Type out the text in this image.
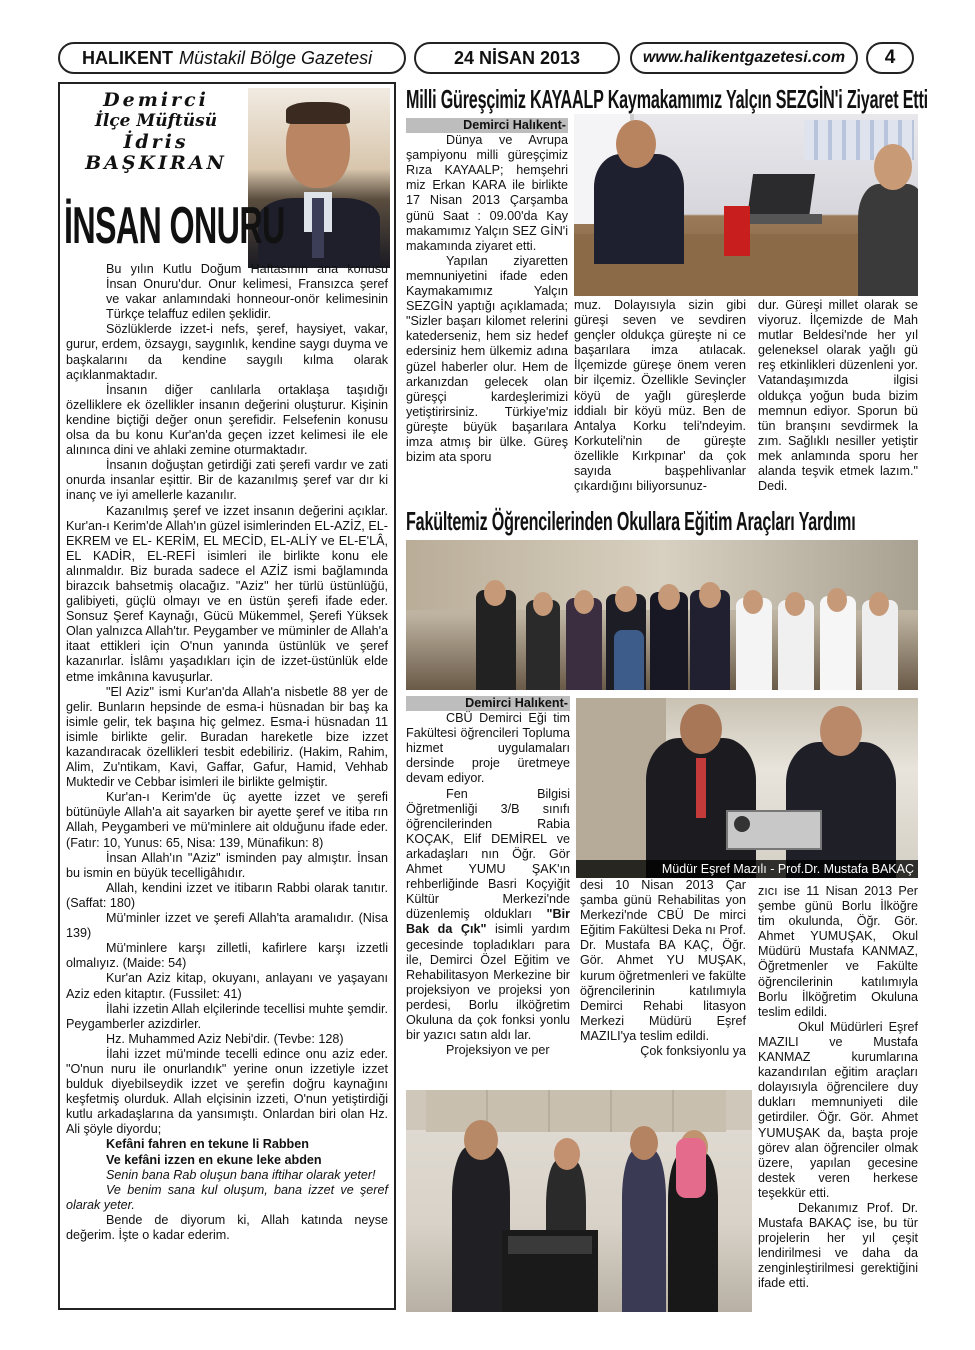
HALIKENT Müstakil Bölge Gazetesi	24 NİSAN 2013	www.halikentgazetesi.com 4
Demirci
İlçe Müftüsü
İdris
BAŞKIRAN
İNSAN ONURU

Bu yılın Kutlu Doğum Haftasının ana konusu İnsan Onuru'dur. Onur kelimesi, Fransızca şeref ve vakar anlamındaki honneour-onör kelimesinin Türkçe telaffuz edilen şeklidir.

Sözlüklerde izzet-i nefs, şeref, haysiyet, vakar, gurur, erdem, özsaygı, saygınlık, kendine saygı duyma ve başkalarını da kendine saygılı kılma olarak açıklanmaktadır.

İnsanın diğer canlılarla ortaklaşa taşıdığı özelliklere ek özellikler insanın değerini oluşturur. Kişinin kendine biçtiği değer onun şerefidir. Felsefenin konusu olsa da bu konu Kur'an'da geçen izzet kelimesi ile ele alınınca dini ve ahlaki zemine oturmaktadır.

İnsanın doğuştan getirdiği zati şerefi vardır ve zati onurda insanlar eşittir. Bir de kazanılmış şeref var dır ki inanç ve iyi amellerle kazanılır.

Kazanılmış şeref ve izzet insanın değerini açıklar. Kur'an-ı Kerim'de Allah'ın güzel isimlerinden EL-AZİZ, EL-EKREM ve EL- KERİM, EL MECİD, EL-ALİY ve EL-E'LÂ, EL KADİR, EL-REFİ isimleri ile birlikte konu ele alınmaldır. Biz burada sadece el AZİZ ismi bağlamında birazcık bahsetmiş olacağız. "Aziz" her türlü üstünlüğü, galibiyeti, güçlü olmayı ve en üstün şerefi ifade eder. Sonsuz Şeref Kaynağı, Gücü Mükemmel, Şerefi Yüksek Olan yalnızca Allah'tır. Peygamber ve müminler de Allah'a itaat ettikleri için O'nun yanında üstünlük ve şeref kazanırlar. İslâmı yaşadıkları için de izzet-üstünlük elde etme imkânına kavuşurlar.

"El Aziz" ismi Kur'an'da Allah'a nisbetle 88 yer de gelir. Bunların hepsinde de esma-i hüsnadan bir baş ka isimle gelir, tek başına hiç gelmez. Esma-i hüsnadan 11 isimle birlikte gelir. Buradan hareketle bize izzet kazandıracak özellikleri tesbit edebiliriz. (Hakim, Rahim, Alim, Zu'ntikam, Kavi, Gaffar, Gafur, Hamid, Vehhab Muktedir ve Cebbar isimleri ile birlikte gelmiştir.

Kur'an-ı Kerim'de üç ayette izzet ve şerefi bütünüyle Allah'a ait sayarken bir ayette şeref ve itiba rın Allah, Peygamberi ve mü'minlere ait olduğunu ifade eder. (Fatır: 10, Yunus: 65, Nisa: 139, Münafikun: 8)

İnsan Allah'ın "Aziz" isminden pay almıştır. İnsan bu ismin en büyük tecelligâhıdır.

Allah, kendini izzet ve itibarın Rabbi olarak tanıtır. (Saffat: 180)

Mü'minler izzet ve şerefi Allah'ta aramalıdır. (Nisa 139)

Mü'minlere karşı zilletli, kafirlere karşı izzetli olmalıyız. (Maide: 54)

Kur'an Aziz kitap, okuyanı, anlayanı ve yaşayanı Aziz eden kitaptır. (Fussilet: 41)

İlahi izzetin Allah elçilerinde tecellisi muhte şemdir. Peygamberler azizdirler.

Hz. Muhammed Aziz Nebi'dir. (Tevbe: 128)

İlahi izzet mü'minde tecelli edince onu aziz eder. "O'nun nuru ile onurlandık" yerine onun izzetiyle izzet bulduk diyebilseydik izzet ve şerefin doğru kaynağını keşfetmiş olurduk. Allah elçisinin izzeti, O'nun yetiştirdiği kutlu arkadaşlarına da yansımıştı. Onlardan biri olan Hz. Ali şöyle diyordu;

Kefâni fahren en tekune li Rabben

Ve kefâni izzen en ekune leke abden

Senin bana Rab oluşun bana iftihar olarak yeter!

Ve benim sana kul oluşum, bana izzet ve şeref olarak yeter.

Bende de diyorum ki, Allah katında neyse değerim. İşte o kadar ederim.

Milli Güreşçimiz KAYAALP Kaymakamımız Yalçın SEZGİN'i Ziyaret Etti
Demirci Halıkent-

Dünya ve Avrupa şampiyonu milli güreşçimiz Rıza KAYAALP; hemşehri miz Erkan KARA ile birlikte 17 Nisan 2013 Çarşamba günü Saat : 09.00'da Kay makamımız Yalçın SEZ GİN'i makamında ziyaret etti.

Yapılan ziyaretten memnuniyetini ifade eden Kaymakamımız Yalçın SEZGİN yaptığı açıklamada; "Sizler başarı kilomet relerini katederseniz, hem siz hedef edersiniz hem ülkemiz adına güzel haberler olur. Hem de arkanızdan gelecek olan güreşçi kardeşlerimizi yetiştirirsiniz. Türkiye'miz güreşte büyük başarılara imza atmış bir ülke. Güreş bizim ata sporu

muz. Dolayısıyla sizin gibi güreşi seven ve sevdiren gençler oldukça güreşte ni ce başarılara imza atılacak. İlçemizde güreşe önem veren bir ilçemiz. Özellikle Sevinçler köyü de yağlı güreşlerde iddialı bir köyü müz. Ben de Antalya Korku teli'ndeyim. Korkuteli'nin de güreşte özellikle Kırkpınar' da çok sayıda başpehlivanlar çıkardığını biliyorsunuz-

dur. Güreşi millet olarak se viyoruz. İlçemizde de Mah mutlar Beldesi'nde her yıl geleneksel olarak yağlı gü reş etkinlikleri düzenleni yor. Vatandaşımızda ilgisi oldukça yoğun buda bizim memnun ediyor. Sporun bü tün branşını sevdirmek la zım. Sağlıklı nesiller yetiştir mek anlamında sporu her alanda teşvik etmek lazım." Dedi.

Fakültemiz Öğrencilerinden Okullara Eğitim Araçları Yardımı
Demirci Halıkent-

CBÜ Demirci Eği tim Fakültesi öğrencileri Topluma hizmet uygulamaları dersinde proje üretmeye devam ediyor.

Fen Bilgisi Öğretmenliği 3/B sınıfı öğrencilerinden Rabia KOÇAK, Elif DEMİREL ve arkadaşları nın Öğr. Gör Ahmet YUMU ŞAK'ın rehberliğinde Basri Koçyiğit Kültür Merkezi'nde düzenlemiş oldukları "Bir Bak da Çık" isimli yardım gecesinde topladıkları para ile, Demirci Özel Eğitim ve Rehabilitasyon Merkezine bir projeksiyon ve projeksi yon perdesi, Borlu ilköğretim Okuluna da çok fonksi yonlu bir yazıcı satın aldı lar.

Projeksiyon ve per

Müdür Eşref Mazılı - Prof.Dr. Mustafa BAKAÇ

desi 10 Nisan 2013 Çar şamba günü Rehabilitas yon Merkezi'nde CBÜ De mirci Eğitim Fakültesi Deka nı Prof. Dr. Mustafa BA KAÇ, Öğr. Gör. Ahmet YU MUŞAK, kurum öğretmenleri ve fakülte öğrencilerinin katılımıyla Demirci Rehabi litasyon Merkezi Müdürü Eşref MAZILI'ya teslim edildi.

Çok fonksiyonlu ya

zıcı ise 11 Nisan 2013 Per şembe günü Borlu İlköğre tim okulunda, Öğr. Gör. Ahmet YUMUŞAK, Okul Müdürü Mustafa KANMAZ, Öğretmenler ve Fakülte öğrencilerinin katılımıyla Borlu İlköğretim Okuluna teslim edildi.

Okul Müdürleri Eşref MAZILI ve Mustafa KANMAZ kurumlarına kazandırılan eğitim araçları dolayısıyla öğrencilere duy dukları memnuniyeti dile getirdiler. Öğr. Gör. Ahmet YUMUŞAK da, başta proje görev alan öğrenciler olmak üzere, yapılan gecesine destek veren herkese teşekkür etti.

Dekanımız Prof. Dr. Mustafa BAKAÇ ise, bu tür projelerin her yıl çeşit lendirilmesi ve daha da zenginleştirilmesi gerektiğini ifade etti.
